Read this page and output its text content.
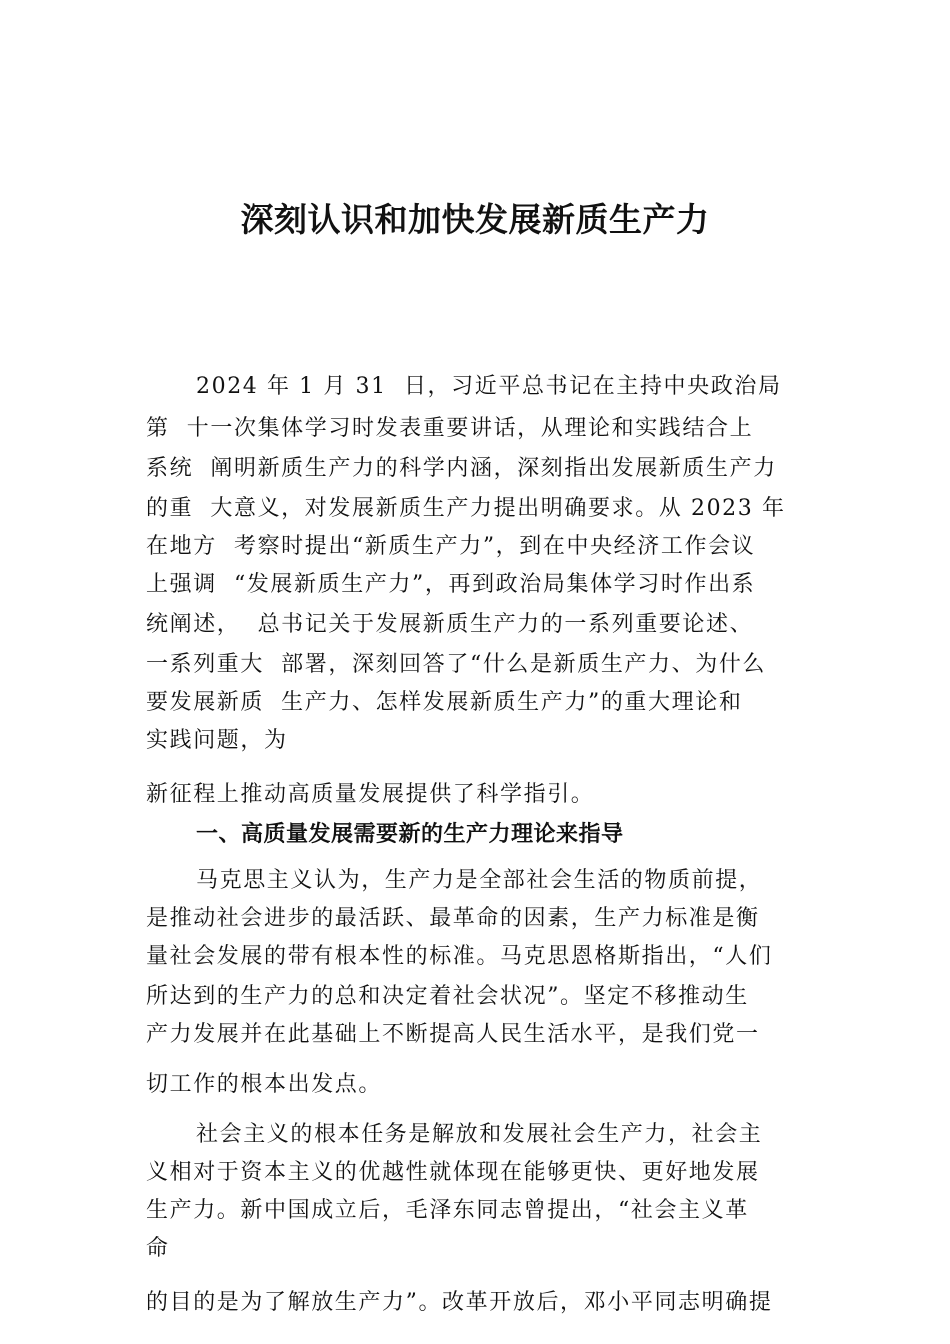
深刻认识和加快发展新质生产力
2024 年 1 月 31  日，习近平总书记在主持中央政治局
第  十一次集体学习时发表重要讲话，从理论和实践结合上
系统  阐明新质生产力的科学内涵，深刻指出发展新质生产力
的重  大意义，对发展新质生产力提出明确要求。从 2023 年
在地方  考察时提出“新质生产力”，到在中央经济工作会议
上强调  “发展新质生产力”，再到政治局集体学习时作出系
统阐述，  总书记关于发展新质生产力的一系列重要论述、
一系列重大  部署，深刻回答了“什么是新质生产力、为什么
要发展新质  生产力、怎样发展新质生产力”的重大理论和
实践问题，为
新征程上推动高质量发展提供了科学指引。
一、高质量发展需要新的生产力理论来指导
马克思主义认为，生产力是全部社会生活的物质前提，
是推动社会进步的最活跃、最革命的因素，生产力标准是衡
量社会发展的带有根本性的标准。马克思恩格斯指出，“人们
所达到的生产力的总和决定着社会状况”。坚定不移推动生
产力发展并在此基础上不断提高人民生活水平，是我们党一
切工作的根本出发点。
社会主义的根本任务是解放和发展社会生产力，社会主
义相对于资本主义的优越性就体现在能够更快、更好地发展
生产力。新中国成立后，毛泽东同志曾提出，“社会主义革
命
的目的是为了解放生产力”。改革开放后，邓小平同志明确提
